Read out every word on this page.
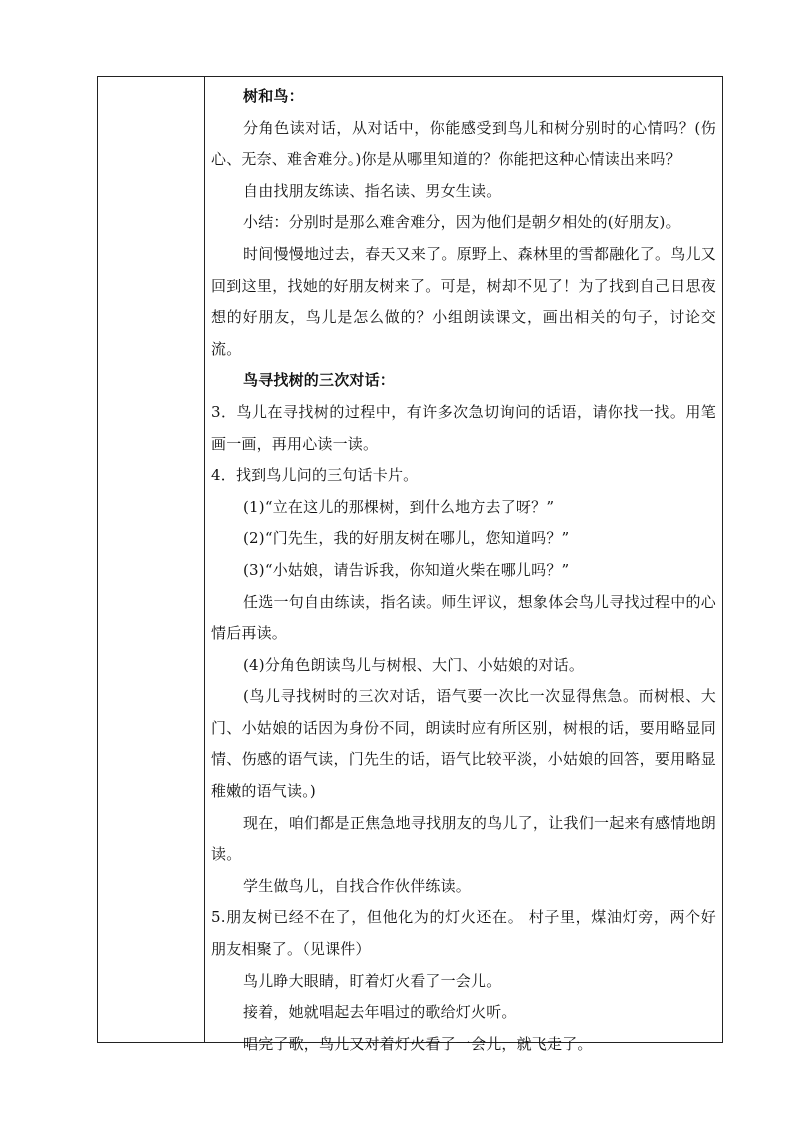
树和鸟：

分角色读对话，从对话中，你能感受到鸟儿和树分别时的心情吗？(伤心、无奈、难舍难分。)你是从哪里知道的？你能把这种心情读出来吗？

自由找朋友练读、指名读、男女生读。

小结：分别时是那么难舍难分，因为他们是朝夕相处的(好朋友)。

时间慢慢地过去，春天又来了。原野上、森林里的雪都融化了。鸟儿又回到这里，找她的好朋友树来了。可是，树却不见了！为了找到自己日思夜想的好朋友，鸟儿是怎么做的？小组朗读课文，画出相关的句子，讨论交流。

鸟寻找树的三次对话：

3．鸟儿在寻找树的过程中，有许多次急切询问的话语，请你找一找。用笔画一画，再用心读一读。

4．找到鸟儿问的三句话卡片。

(1)“立在这儿的那棵树，到什么地方去了呀？”

(2)“门先生，我的好朋友树在哪儿，您知道吗？”

(3)“小姑娘，请告诉我，你知道火柴在哪儿吗？”

任选一句自由练读，指名读。师生评议，想象体会鸟儿寻找过程中的心情后再读。

(4)分角色朗读鸟儿与树根、大门、小姑娘的对话。

(鸟儿寻找树时的三次对话，语气要一次比一次显得焦急。而树根、大门、小姑娘的话因为身份不同，朗读时应有所区别，树根的话，要用略显同情、伤感的语气读，门先生的话，语气比较平淡，小姑娘的回答，要用略显稚嫩的语气读。)

现在，咱们都是正焦急地寻找朋友的鸟儿了，让我们一起来有感情地朗读。

学生做鸟儿，自找合作伙伴练读。

5.朋友树已经不在了，但他化为的灯火还在。 村子里，煤油灯旁，两个好朋友相聚了。（见课件）

鸟儿睁大眼睛，盯着灯火看了一会儿。

接着，她就唱起去年唱过的歌给灯火听。

唱完了歌，鸟儿又对着灯火看了一会儿，就飞走了。
